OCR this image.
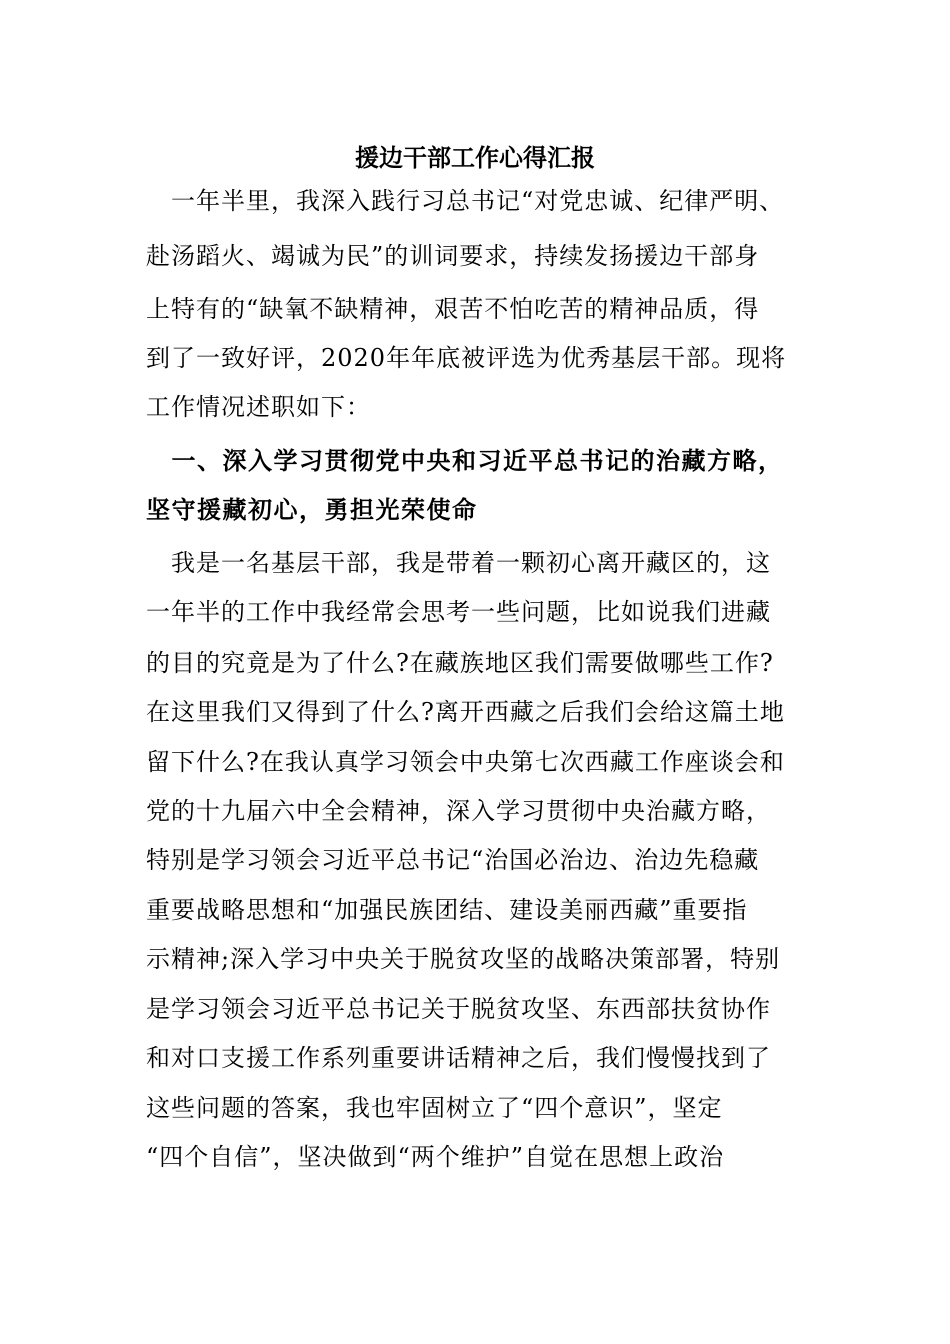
援边干部工作心得汇报
　一年半里，我深入践行习总书记“对党忠诚、纪律严明、
赴汤蹈火、竭诚为民”的训词要求，持续发扬援边干部身
上特有的“缺氧不缺精神，艰苦不怕吃苦的精神品质，得
到了一致好评，2020年年底被评选为优秀基层干部。现将
工作情况述职如下：
　一、深入学习贯彻党中央和习近平总书记的治藏方略，
坚守援藏初心，勇担光荣使命
　我是一名基层干部，我是带着一颗初心离开藏区的，这
一年半的工作中我经常会思考一些问题，比如说我们进藏
的目的究竟是为了什么?在藏族地区我们需要做哪些工作?
在这里我们又得到了什么?离开西藏之后我们会给这篇土地
留下什么?在我认真学习领会中央第七次西藏工作座谈会和
党的十九届六中全会精神，深入学习贯彻中央治藏方略，
特别是学习领会习近平总书记“治国必治边、治边先稳藏
重要战略思想和“加强民族团结、建设美丽西藏”重要指
示精神;深入学习中央关于脱贫攻坚的战略决策部署，特别
是学习领会习近平总书记关于脱贫攻坚、东西部扶贫协作
和对口支援工作系列重要讲话精神之后，我们慢慢找到了
这些问题的答案，我也牢固树立了“四个意识”，坚定
“四个自信”，坚决做到“两个维护”自觉在思想上政治
